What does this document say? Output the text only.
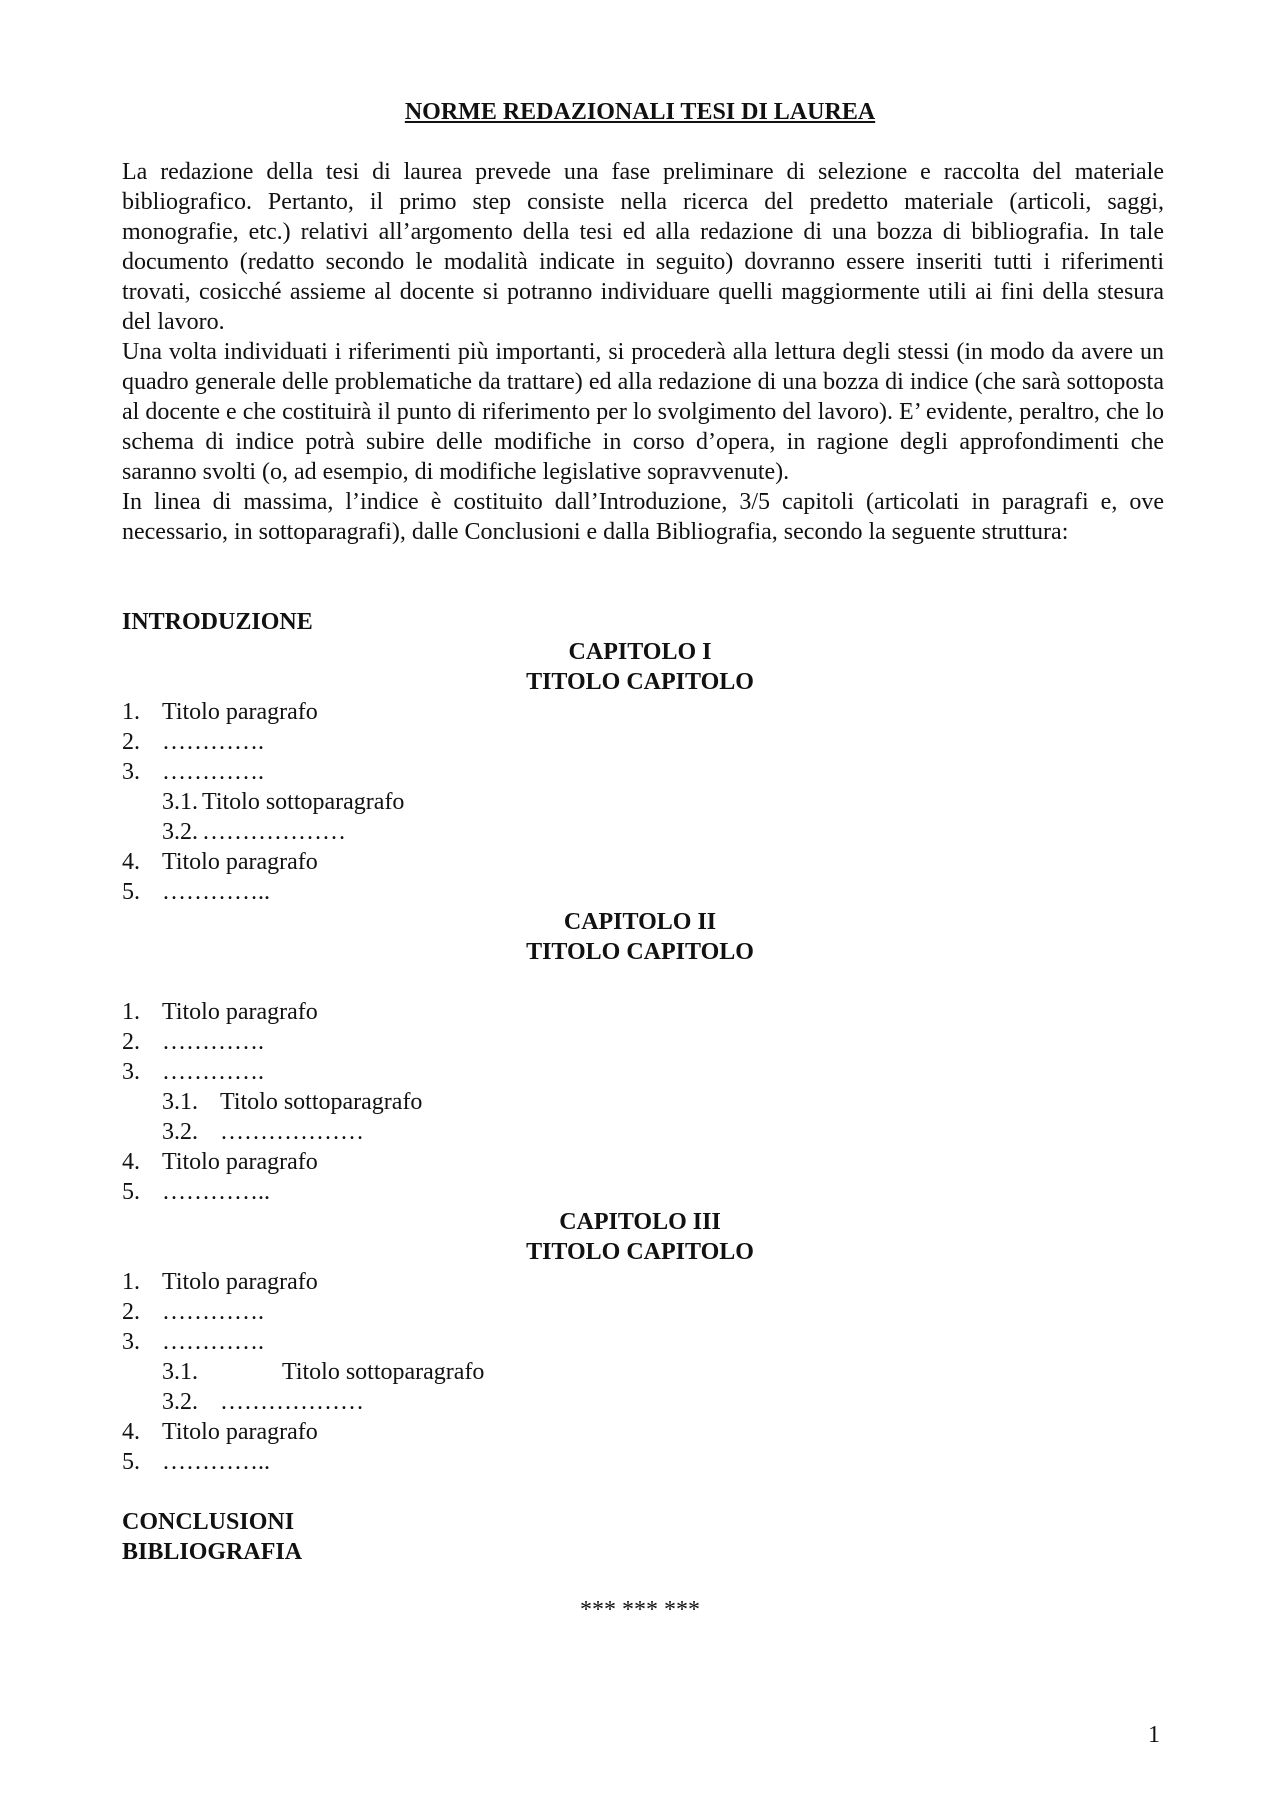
NORME REDAZIONALI TESI DI LAUREA

La redazione della tesi di laurea prevede una fase preliminare di selezione e raccolta del materiale bibliografico. Pertanto, il primo step consiste nella ricerca del predetto materiale (articoli, saggi, monografie, etc.) relativi all’argomento della tesi ed alla redazione di una bozza di bibliografia. In tale documento (redatto secondo le modalità indicate in seguito) dovranno essere inseriti tutti i riferimenti trovati, cosicché assieme al docente si potranno individuare quelli maggiormente utili ai fini della stesura del lavoro.

Una volta individuati i riferimenti più importanti, si procederà alla lettura degli stessi (in modo da avere un quadro generale delle problematiche da trattare) ed alla redazione di una bozza di indice (che sarà sottoposta al docente e che costituirà il punto di riferimento per lo svolgimento del lavoro). E’ evidente, peraltro, che lo schema di indice potrà subire delle modifiche in corso d’opera, in ragione degli approfondimenti che saranno svolti (o, ad esempio, di modifiche legislative sopravvenute).

In linea di massima, l’indice è costituito dall’Introduzione, 3/5 capitoli (articolati in paragrafi e, ove necessario, in sottoparagrafi), dalle Conclusioni e dalla Bibliografia, secondo la seguente struttura:

INTRODUZIONE
CAPITOLO I
TITOLO CAPITOLO
1. Titolo paragrafo
2. ………….
3. ………….
3.1. Titolo sottoparagrafo
3.2. ………………
4. Titolo paragrafo
5. …………..
CAPITOLO II
TITOLO CAPITOLO
1. Titolo paragrafo
2. ………….
3. ………….
3.1. Titolo sottoparagrafo
3.2. ………………
4. Titolo paragrafo
5. …………..
CAPITOLO III
TITOLO CAPITOLO
1. Titolo paragrafo
2. ………….
3. ………….
3.1.	Titolo sottoparagrafo
3.2. ………………
4. Titolo paragrafo
5. …………..
CONCLUSIONI
BIBLIOGRAFIA
*** *** ***
1
